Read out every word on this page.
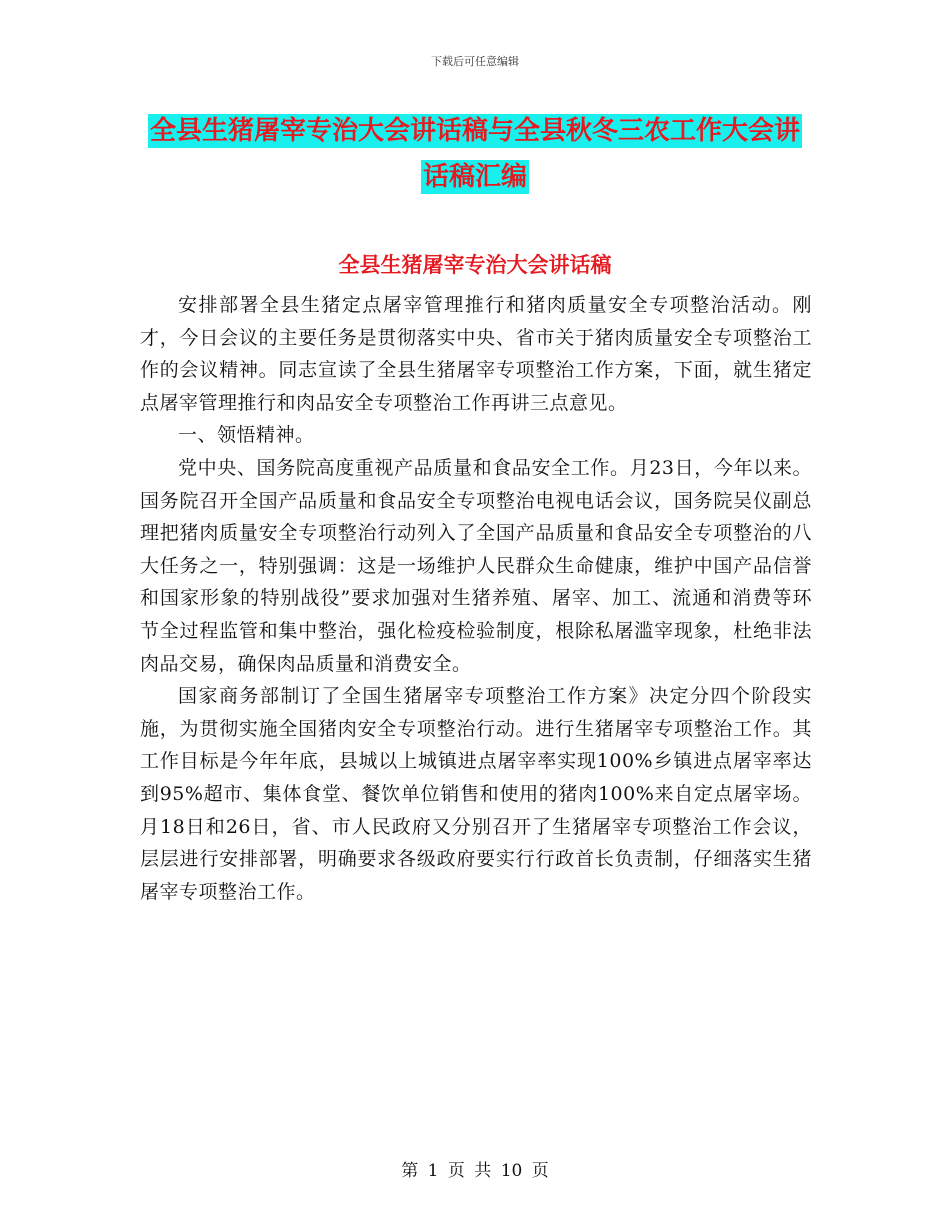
下载后可任意编辑
全县生猪屠宰专治大会讲话稿与全县秋冬三农工作大会讲话稿汇编
全县生猪屠宰专治大会讲话稿

安排部署全县生猪定点屠宰管理推行和猪肉质量安全专项整治活动。刚才，今日会议的主要任务是贯彻落实中央、省市关于猪肉质量安全专项整治工作的会议精神。同志宣读了全县生猪屠宰专项整治工作方案，下面，就生猪定点屠宰管理推行和肉品安全专项整治工作再讲三点意见。

一、领悟精神。

党中央、国务院高度重视产品质量和食品安全工作。月23日，今年以来。国务院召开全国产品质量和食品安全专项整治电视电话会议，国务院吴仪副总理把猪肉质量安全专项整治行动列入了全国产品质量和食品安全专项整治的八大任务之一，特别强调：这是一场维护人民群众生命健康，维护中国产品信誉和国家形象的特别战役”要求加强对生猪养殖、屠宰、加工、流通和消费等环节全过程监管和集中整治，强化检疫检验制度，根除私屠滥宰现象，杜绝非法肉品交易，确保肉品质量和消费安全。

国家商务部制订了全国生猪屠宰专项整治工作方案》决定分四个阶段实施，为贯彻实施全国猪肉安全专项整治行动。进行生猪屠宰专项整治工作。其工作目标是今年年底，县城以上城镇进点屠宰率实现100%乡镇进点屠宰率达到95%超市、集体食堂、餐饮单位销售和使用的猪肉100%来自定点屠宰场。月18日和26日，省、市人民政府又分别召开了生猪屠宰专项整治工作会议，层层进行安排部署，明确要求各级政府要实行行政首长负责制，仔细落实生猪屠宰专项整治工作。

第 1 页 共 10 页
